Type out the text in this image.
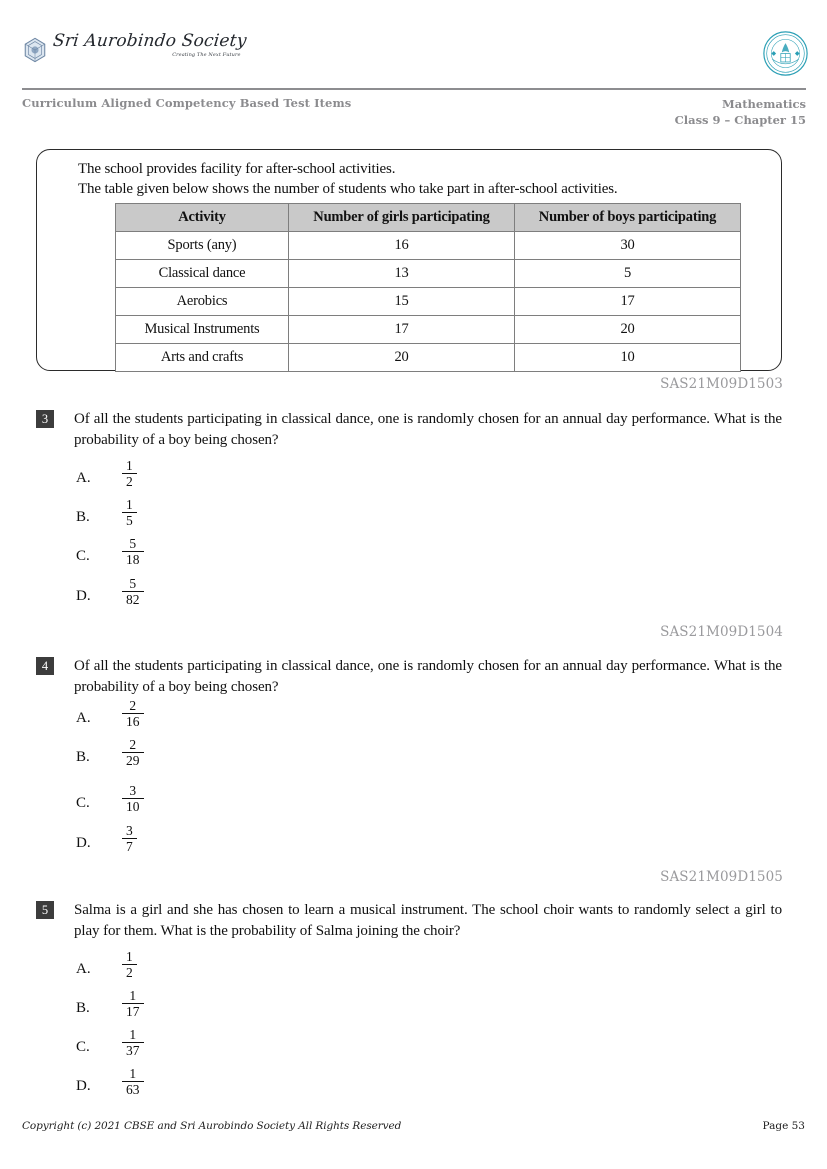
Sri Aurobindo Society
Creating The Next Future
Curriculum Aligned Competency Based Test Items	Mathematics
Class 9 – Chapter 15
The school provides facility for after-school activities.
The table given below shows the number of students who take part in after-school activities.
Activity	Number of girls participating	Number of boys participating
Sports (any)	16	30
Classical dance	13	5
Aerobics	15	17
Musical Instruments	17	20
Arts and crafts	20	10
SAS21M09D1503
3	Of all the students participating in classical dance, one is randomly chosen for an annual day performance. What is the probability of a boy being chosen?
A. $\frac{1}{2}$
B. $\frac{1}{5}$
C. $\frac{5}{18}$
D. $\frac{5}{82}$
SAS21M09D1504
4	Of all the students participating in classical dance, one is randomly chosen for an annual day performance. What is the probability of a boy being chosen?
A. $\frac{2}{16}$
B. $\frac{2}{29}$
C. $\frac{3}{10}$
D. $\frac{3}{7}$
SAS21M09D1505
5	Salma is a girl and she has chosen to learn a musical instrument. The school choir wants to randomly select a girl to play for them. What is the probability of Salma joining the choir?
A. $\frac{1}{2}$
B. $\frac{1}{17}$
C. $\frac{1}{37}$
D. $\frac{1}{63}$
Copyright (c) 2021 CBSE and Sri Aurobindo Society All Rights Reserved	Page 53
